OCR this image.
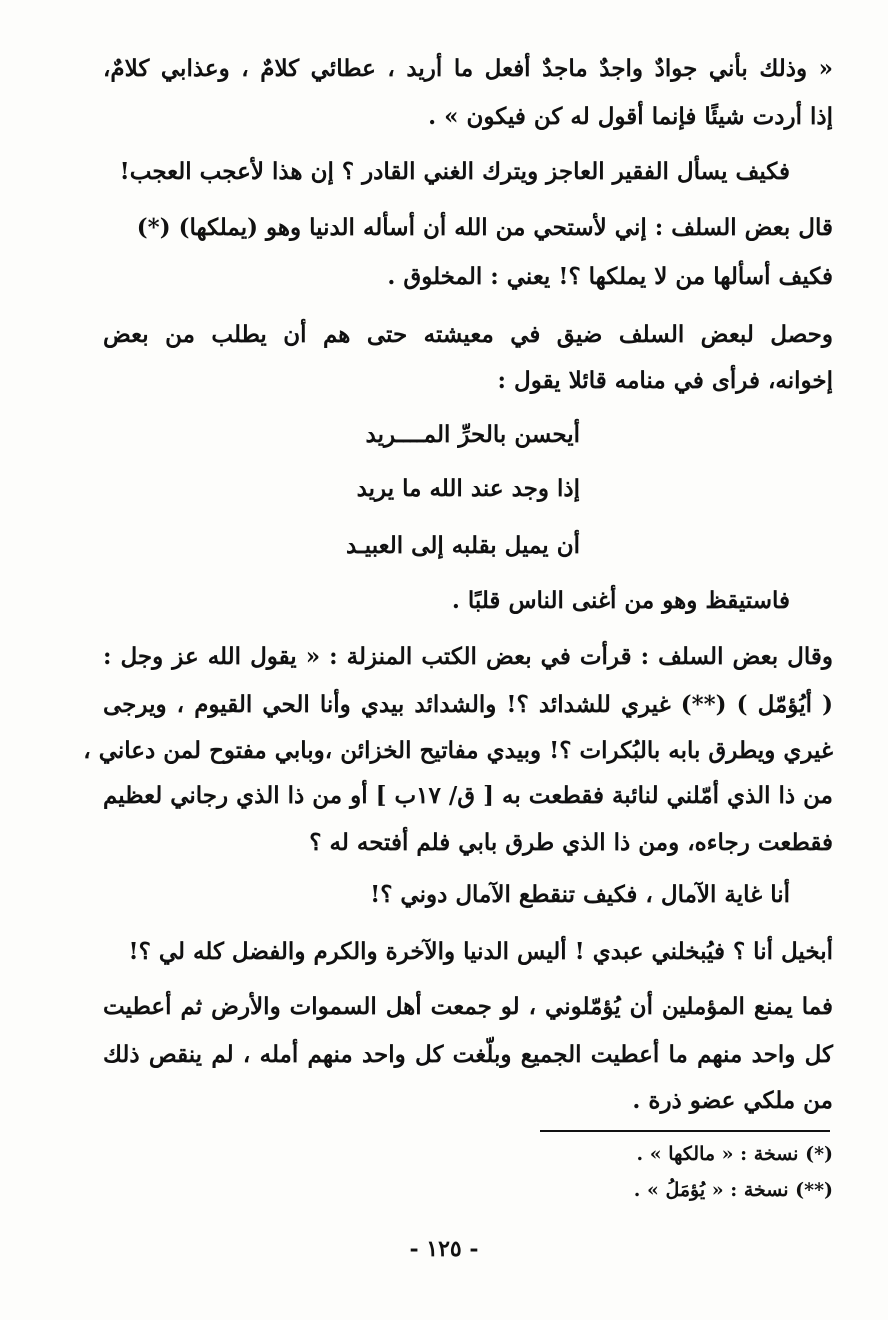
« وذلك بأني جوادٌ واجدٌ ماجدٌ أفعل ما أريد ، عطائي كلامٌ ، وعذابي كلامٌ،
إذا أردت شيئًا فإنما أقول له كن فيكون » .
فكيف يسأل الفقير العاجز ويترك الغني القادر ؟ إن هذا لأعجب العجب!
قال بعض السلف : إني لأستحي من الله أن أسأله الدنيا وهو (يملكها) (*)
فكيف أسألها من لا يملكها ؟! يعني : المخلوق .
وحصل لبعض السلف ضيق في معيشته حتى هم أن يطلب من بعض
إخوانه، فرأى في منامه قائلا يقول :
أيحسن بالحرِّ المــــريد
إذا وجد عند الله ما يريد
أن يميل بقلبه إلى العبيـد
فاستيقظ وهو من أغنى الناس قلبًا .
وقال بعض السلف : قرأت في بعض الكتب المنزلة : « يقول الله عز وجل :
( أيُؤمّل ) (**) غيري للشدائد ؟! والشدائد بيدي وأنا الحي القيوم ، ويرجى
غيري ويطرق بابه بالبُكرات ؟! وبيدي مفاتيح الخزائن ،وبابي مفتوح لمن دعاني ،
من ذا الذي أمّلني لنائبة فقطعت به [ ق/ ١٧ب ] أو من ذا الذي رجاني لعظيم
فقطعت رجاءه، ومن ذا الذي طرق بابي فلم أفتحه له ؟
أنا غاية الآمال ، فكيف تنقطع الآمال دوني ؟!
أبخيل أنا ؟ فيُبخلني عبدي ! أليس الدنيا والآخرة والكرم والفضل كله لي ؟!
فما يمنع المؤملين أن يُؤمّلوني ، لو جمعت أهل السموات والأرض ثم أعطيت
كل واحد منهم ما أعطيت الجميع وبلّغت كل واحد منهم أمله ، لم ينقص ذلك
من ملكي عضو ذرة .
(*) نسخة : « مالكها » .
(**) نسخة : « يُؤمَلُ » .
- ١٢٥ -
